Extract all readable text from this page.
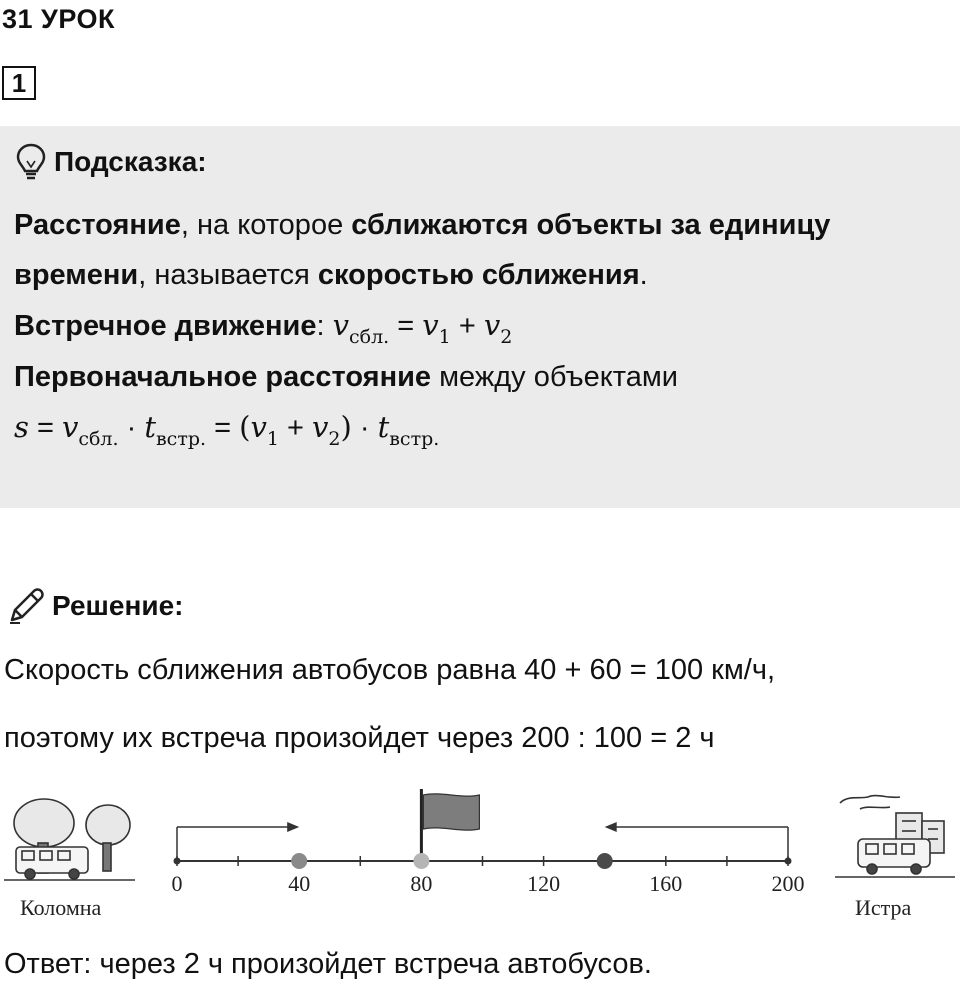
31 УРОК
1
Подсказка:
Расстояние, на которое сближаются объекты за единицу времени, называется скоростью сближения.
Встречное движение: $v_{сбл.} = v_1 + v_2$
Первоначальное расстояние между объектами
$s = v_{сбл.} \cdot t_{встр.} = (v_1 + v_2) \cdot t_{встр.}$
Решение:
Скорость сближения автобусов равна 40 + 60 = 100 км/ч,
поэтому их встреча произойдет через 200 : 100 = 2 ч
0	40	80	120	160	200
Коломна	Истра
Ответ: через 2 ч произойдет встреча автобусов.
